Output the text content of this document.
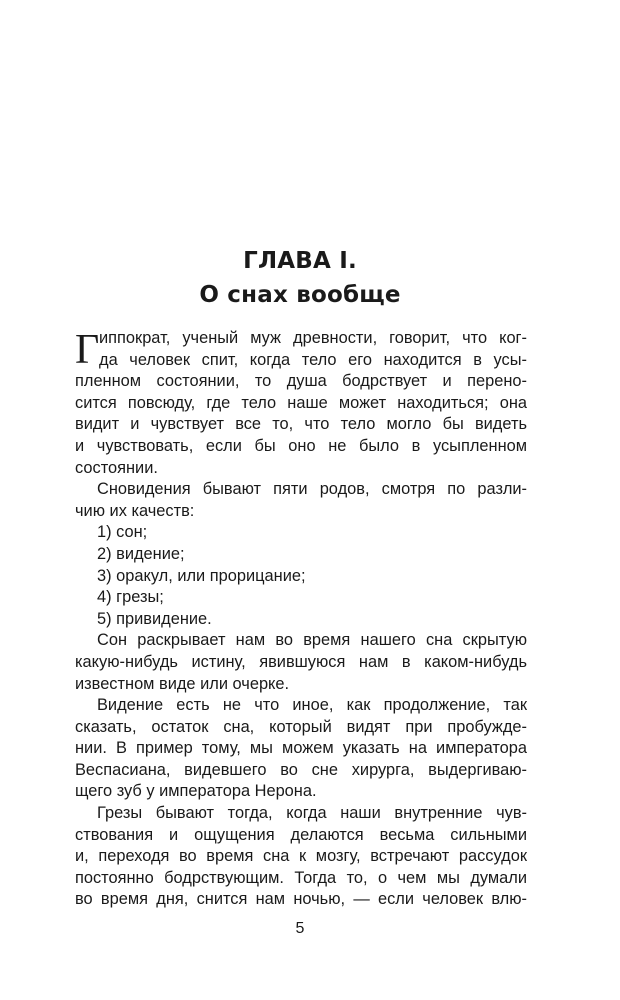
ГЛАВА I.
О снах вообще
Г иппократ, ученый муж древности, говорит, что ког-
да человек спит, когда тело его находится в усы-
пленном состоянии, то душа бодрствует и перено-
сится повсюду, где тело наше может находиться; она
видит и чувствует все то, что тело могло бы видеть
и чувствовать, если бы оно не было в усыпленном
состоянии.
Сновидения бывают пяти родов, смотря по разли-
чию их качеств:
1) сон;
2) видение;
3) оракул, или прорицание;
4) грезы;
5) привидение.
Сон раскрывает нам во время нашего сна скрытую
какую-нибудь истину, явившуюся нам в каком-нибудь
известном виде или очерке.
Видение есть не что иное, как продолжение, так
сказать, остаток сна, который видят при пробужде-
нии. В пример тому, мы можем указать на императора
Веспасиана, видевшего во сне хирурга, выдергиваю-
щего зуб у императора Нерона.
Грезы бывают тогда, когда наши внутренние чув-
ствования и ощущения делаются весьма сильными
и, переходя во время сна к мозгу, встречают рассудок
постоянно бодрствующим. Тогда то, о чем мы думали
во время дня, снится нам ночью, — если человек влю-
5
